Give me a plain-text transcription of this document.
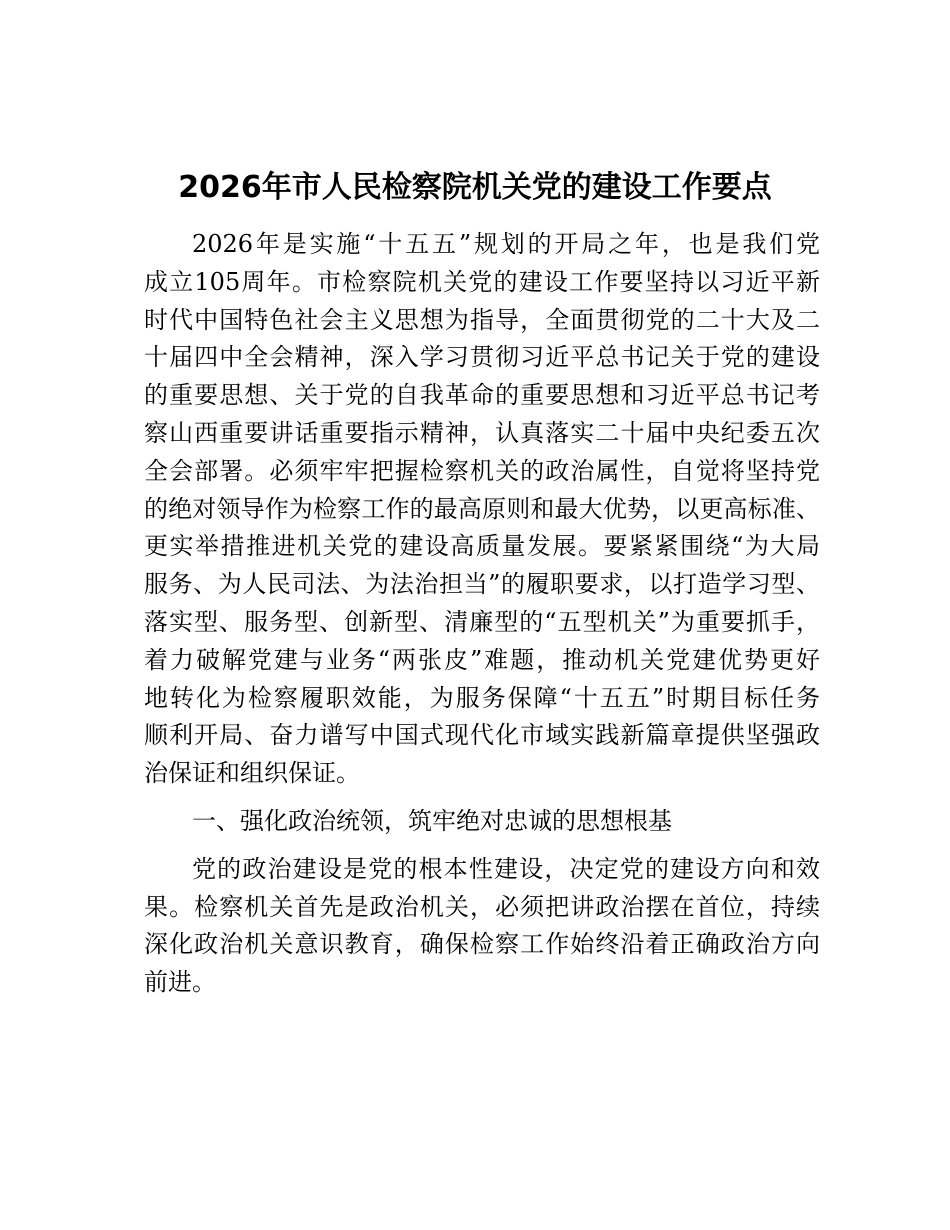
2026年市人民检察院机关党的建设工作要点
2026年是实施“十五五”规划的开局之年，也是我们党
成立105周年。市检察院机关党的建设工作要坚持以习近平新
时代中国特色社会主义思想为指导，全面贯彻党的二十大及二
十届四中全会精神，深入学习贯彻习近平总书记关于党的建设
的重要思想、关于党的自我革命的重要思想和习近平总书记考
察山西重要讲话重要指示精神，认真落实二十届中央纪委五次
全会部署。必须牢牢把握检察机关的政治属性，自觉将坚持党
的绝对领导作为检察工作的最高原则和最大优势，以更高标准、
更实举措推进机关党的建设高质量发展。要紧紧围绕“为大局
服务、为人民司法、为法治担当”的履职要求，以打造学习型、
落实型、服务型、创新型、清廉型的“五型机关”为重要抓手，
着力破解党建与业务“两张皮”难题，推动机关党建优势更好
地转化为检察履职效能，为服务保障“十五五”时期目标任务
顺利开局、奋力谱写中国式现代化市域实践新篇章提供坚强政
治保证和组织保证。
一、强化政治统领，筑牢绝对忠诚的思想根基
党的政治建设是党的根本性建设，决定党的建设方向和效
果。检察机关首先是政治机关，必须把讲政治摆在首位，持续
深化政治机关意识教育，确保检察工作始终沿着正确政治方向
前进。
